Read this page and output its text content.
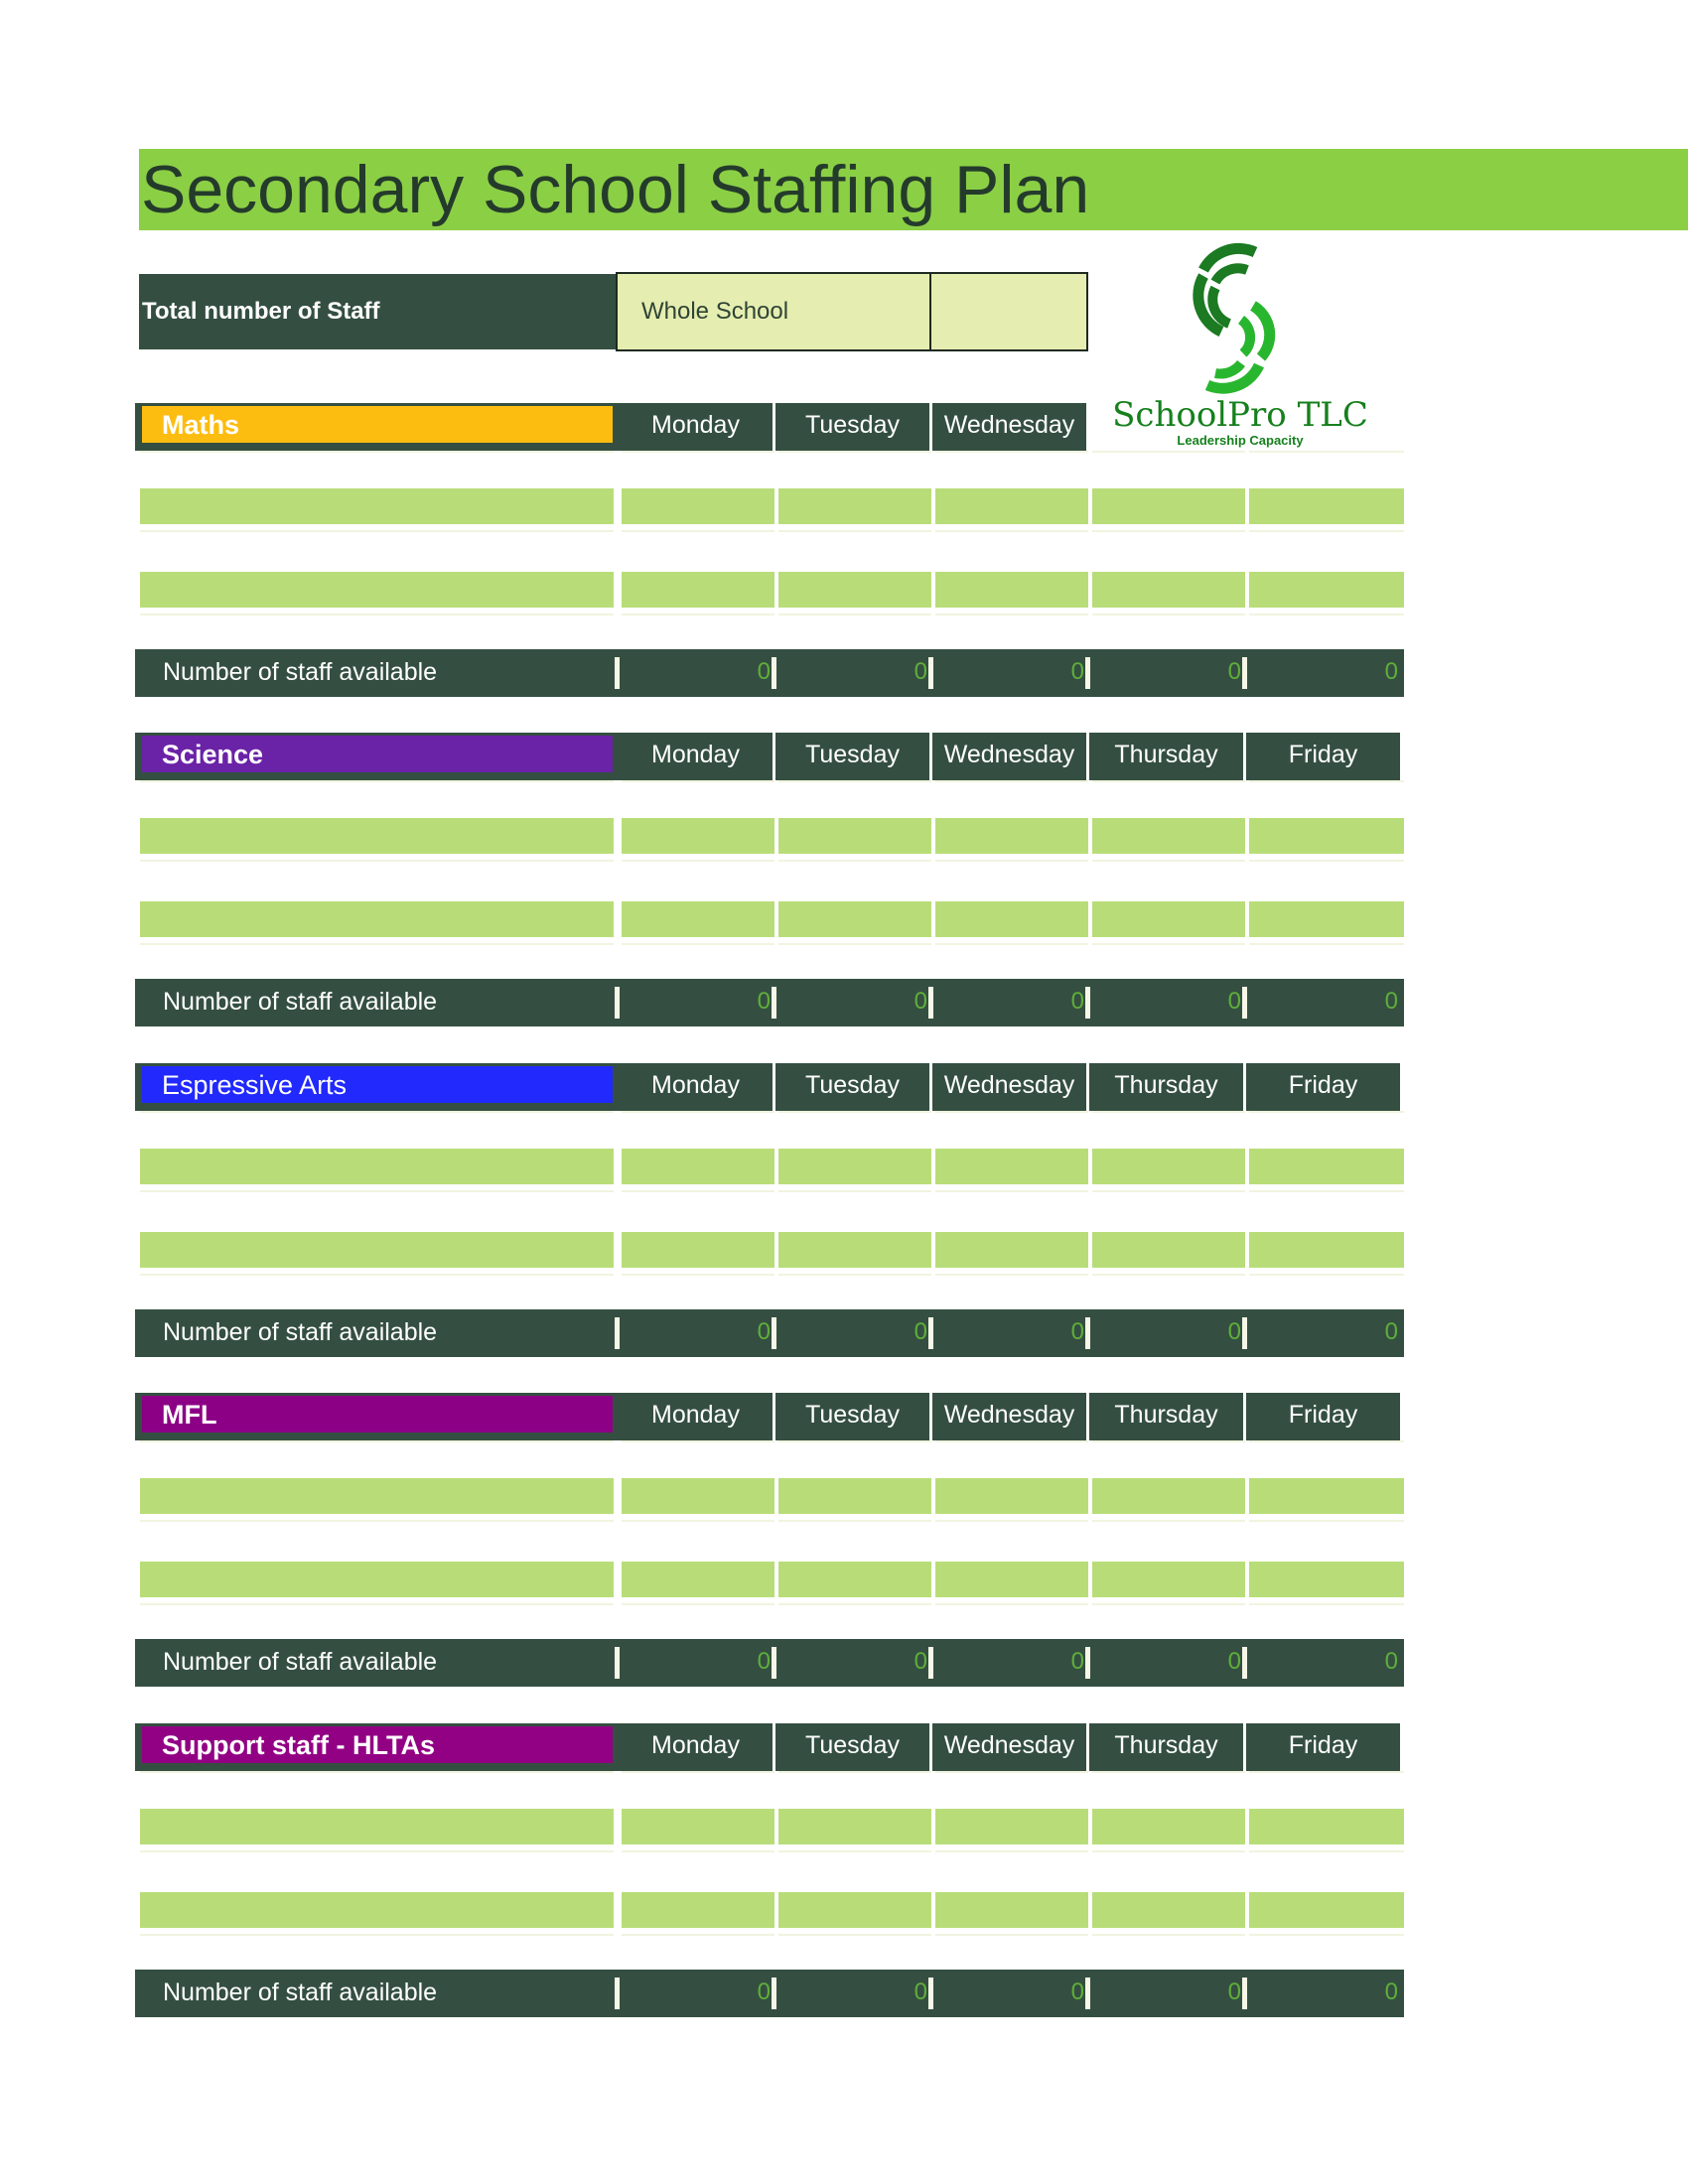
Secondary School Staffing Plan
Total number of Staff	Whole School
SchoolPro TLC
Leadership Capacity
Maths	Monday	Tuesday	Wednesday
Number of staff available	0	0	0	0	0
Science	Monday	Tuesday	Wednesday	Thursday	Friday
Number of staff available	0	0	0	0	0
Espressive Arts	Monday	Tuesday	Wednesday	Thursday	Friday
Number of staff available	0	0	0	0	0
MFL	Monday	Tuesday	Wednesday	Thursday	Friday
Number of staff available	0	0	0	0	0
Support staff - HLTAs	Monday	Tuesday	Wednesday	Thursday	Friday
Number of staff available	0	0	0	0	0
